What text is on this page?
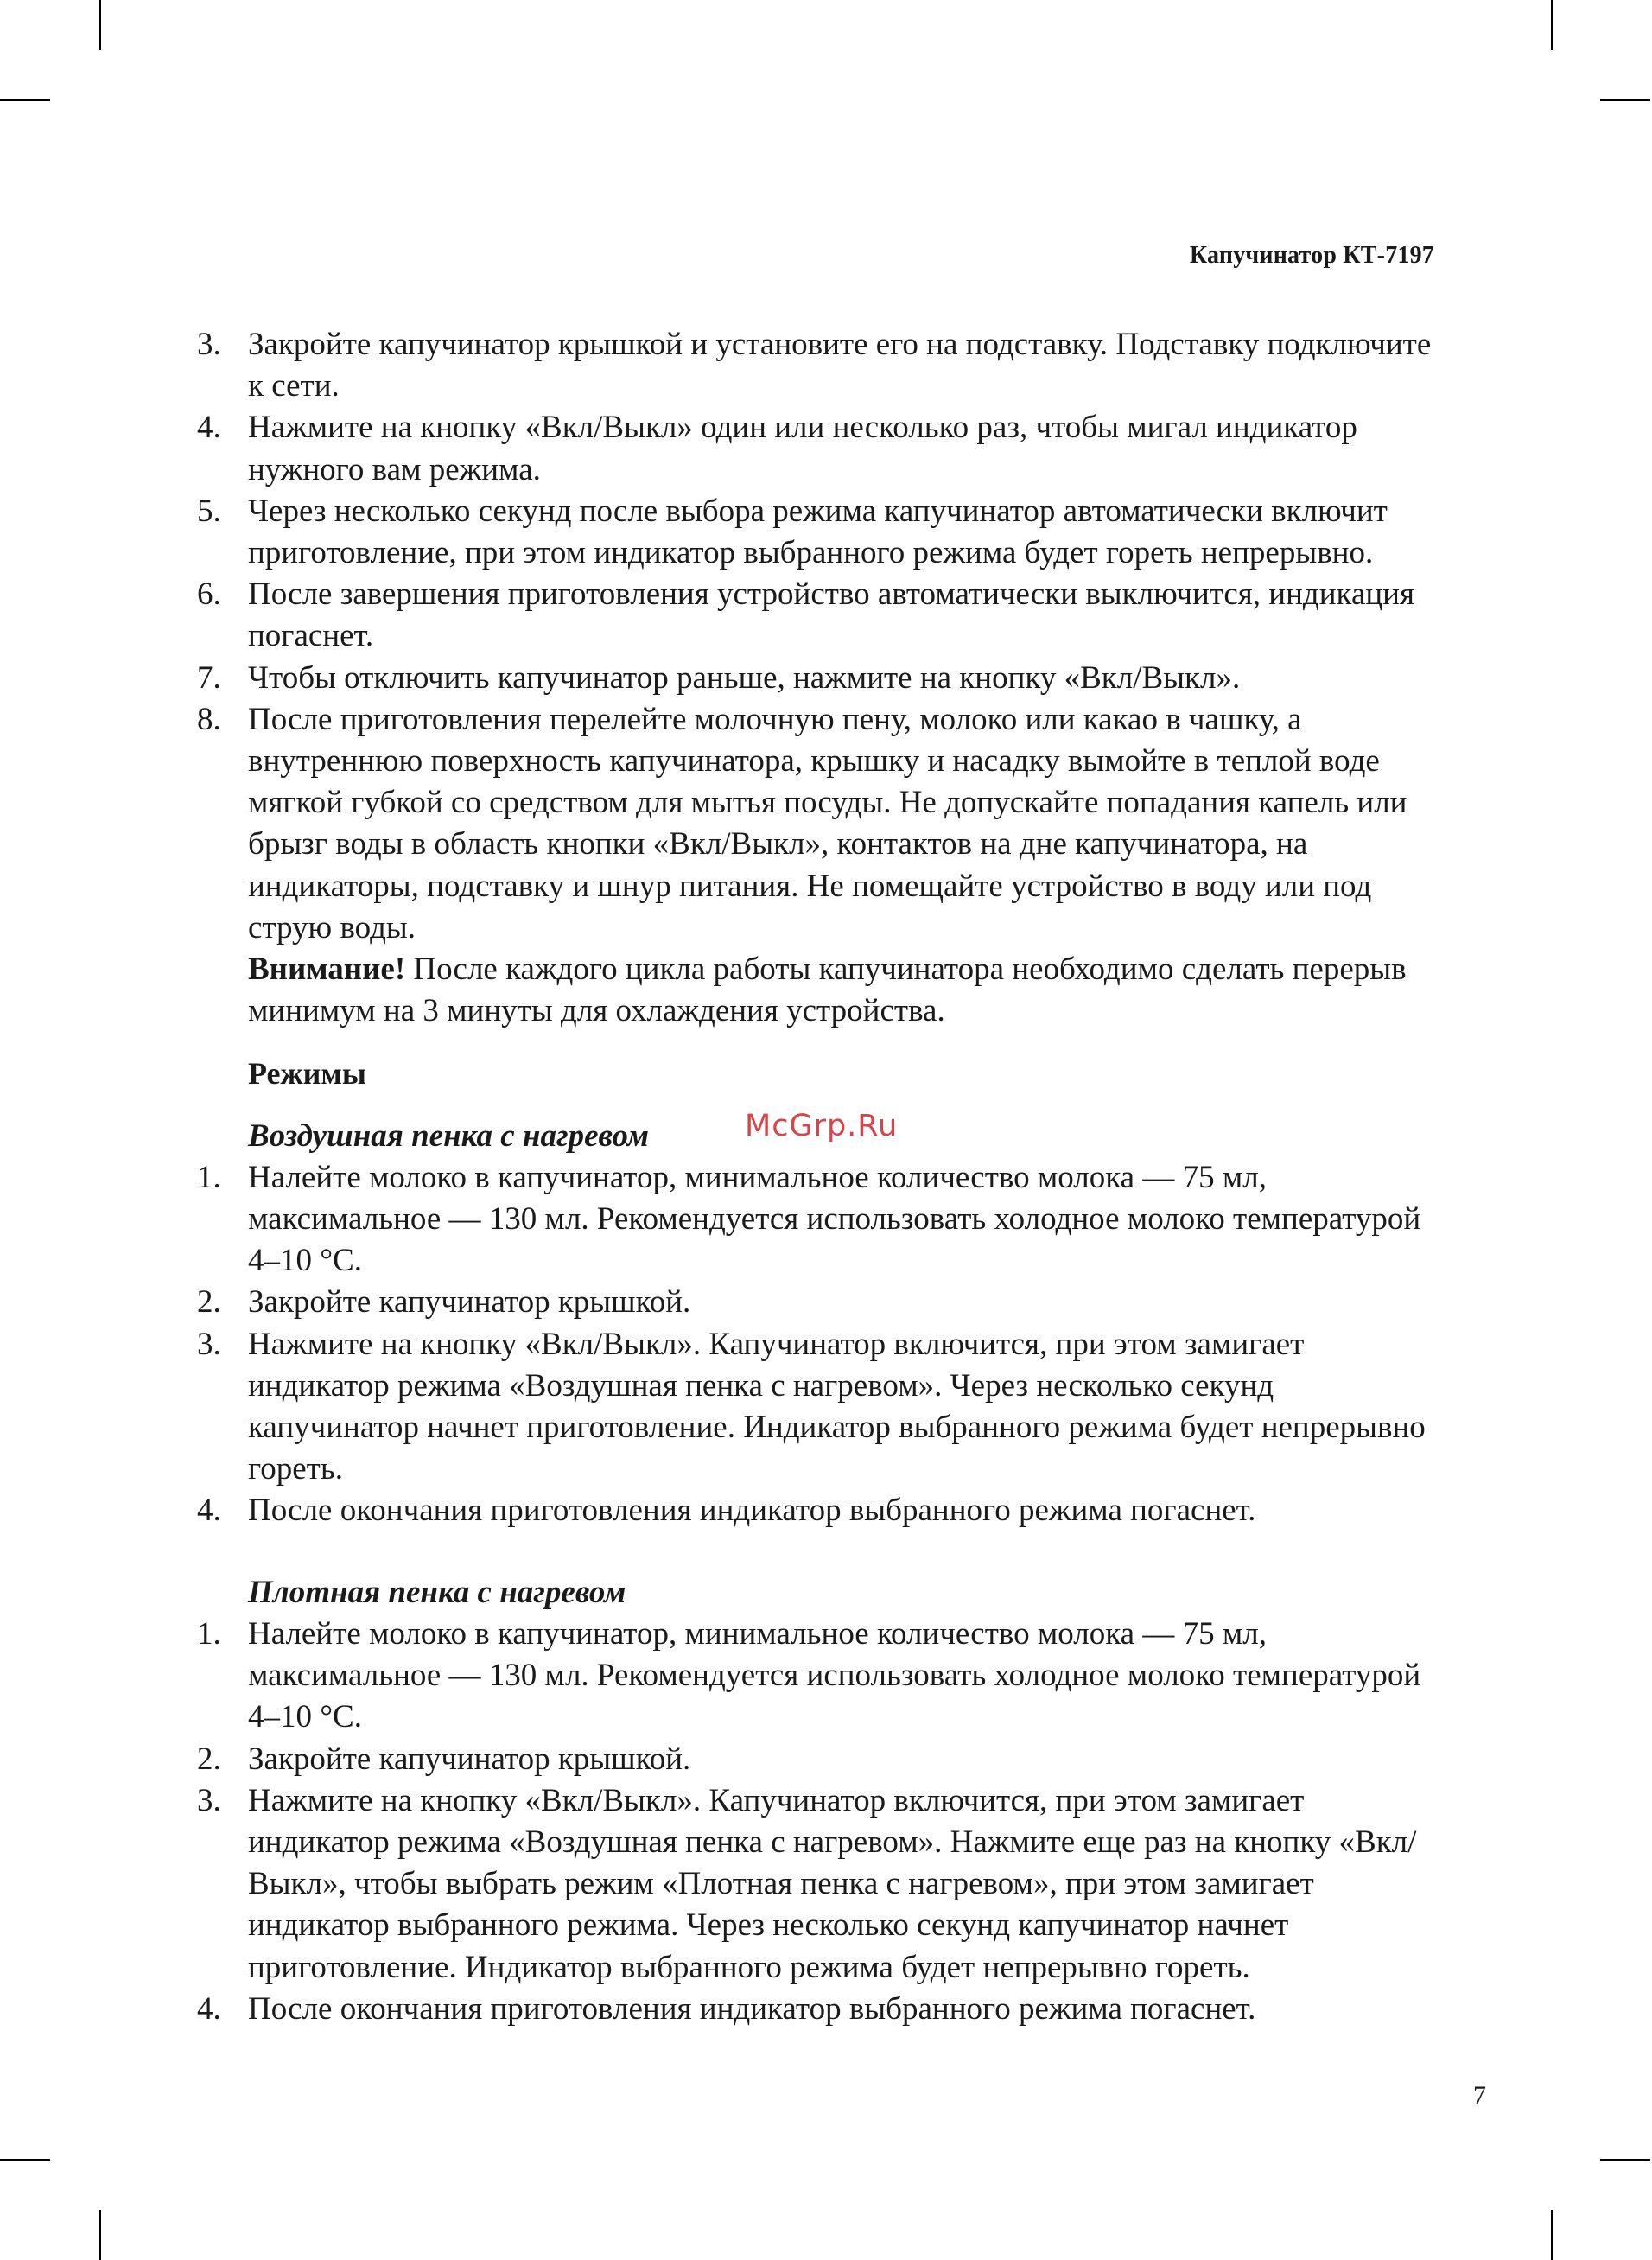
Капучинатор КТ-7197
McGrp.Ru
3. Закройте капучинатор крышкой и установите его на подставку. Подставку подключите к сети.
4. Нажмите на кнопку «Вкл/Выкл» один или несколько раз, чтобы мигал индикатор нужного вам режима.
5. Через несколько секунд после выбора режима капучинатор автоматически включит приготовление, при этом индикатор выбранного режима будет гореть непрерывно.
6. После завершения приготовления устройство автоматически выключится, индикация погаснет.
7. Чтобы отключить капучинатор раньше, нажмите на кнопку «Вкл/Выкл».
8. После приготовления перелейте молочную пену, молоко или какао в чашку, а внутреннюю поверхность капучинатора, крышку и насадку вымойте в теплой воде мягкой губкой со средством для мытья посуды. Не допускайте попадания капель или брызг воды в область кнопки «Вкл/Выкл», контактов на дне капучинатора, на индикаторы, подставку и шнур питания. Не помещайте устройство в воду или под струю воды.

Внимание! После каждого цикла работы капучинатора необходимо сделать перерыв минимум на 3 минуты для охлаждения устройства.

Режимы
Воздушная пенка с нагревом
1. Налейте молоко в капучинатор, минимальное количество молока — 75 мл, максимальное — 130 мл. Рекомендуется использовать холодное молоко температурой 4–10 °С.
2. Закройте капучинатор крышкой.
3. Нажмите на кнопку «Вкл/Выкл». Капучинатор включится, при этом замигает индикатор режима «Воздушная пенка с нагревом». Через несколько секунд капучинатор начнет приготовление. Индикатор выбранного режима будет непрерывно гореть.
4. После окончания приготовления индикатор выбранного режима погаснет.
Плотная пенка с нагревом
1. Налейте молоко в капучинатор, минимальное количество молока — 75 мл, максимальное — 130 мл. Рекомендуется использовать холодное молоко температурой 4–10 °С.
2. Закройте капучинатор крышкой.
3. Нажмите на кнопку «Вкл/Выкл». Капучинатор включится, при этом замигает индикатор режима «Воздушная пенка с нагревом». Нажмите еще раз на кнопку «Вкл/Выкл», чтобы выбрать режим «Плотная пенка с нагревом», при этом замигает индикатор выбранного режима. Через несколько секунд капучинатор начнет приготовление. Индикатор выбранного режима будет непрерывно гореть.
4. После окончания приготовления индикатор выбранного режима погаснет.
7
